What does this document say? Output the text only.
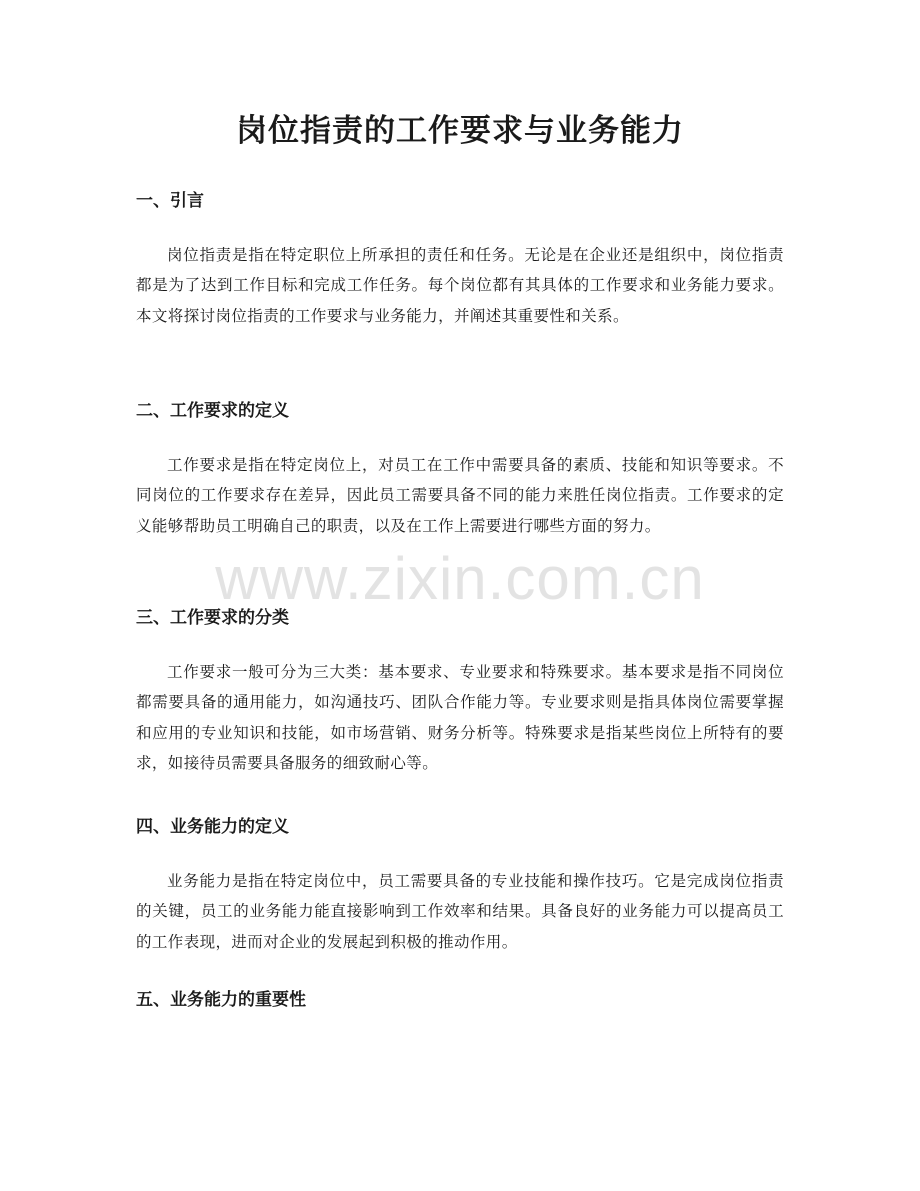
岗位指责的工作要求与业务能力
一、引言

岗位指责是指在特定职位上所承担的责任和任务。无论是在企业还是组织中，岗位指责都是为了达到工作目标和完成工作任务。每个岗位都有其具体的工作要求和业务能力要求。本文将探讨岗位指责的工作要求与业务能力，并阐述其重要性和关系。

二、工作要求的定义

工作要求是指在特定岗位上，对员工在工作中需要具备的素质、技能和知识等要求。不同岗位的工作要求存在差异，因此员工需要具备不同的能力来胜任岗位指责。工作要求的定义能够帮助员工明确自己的职责，以及在工作上需要进行哪些方面的努力。

三、工作要求的分类

工作要求一般可分为三大类：基本要求、专业要求和特殊要求。基本要求是指不同岗位都需要具备的通用能力，如沟通技巧、团队合作能力等。专业要求则是指具体岗位需要掌握和应用的专业知识和技能，如市场营销、财务分析等。特殊要求是指某些岗位上所特有的要求，如接待员需要具备服务的细致耐心等。

四、业务能力的定义

业务能力是指在特定岗位中，员工需要具备的专业技能和操作技巧。它是完成岗位指责的关键，员工的业务能力能直接影响到工作效率和结果。具备良好的业务能力可以提高员工的工作表现，进而对企业的发展起到积极的推动作用。

五、业务能力的重要性
www.zixin.com.cn
